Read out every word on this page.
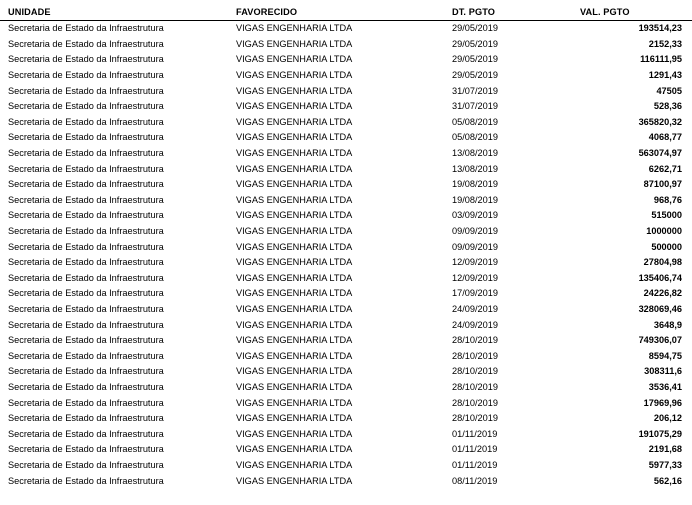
UNIDADE	FAVORECIDO	DT. PGTO	VAL. PGTO
Secretaria de Estado da Infraestrutura	VIGAS ENGENHARIA LTDA	29/05/2019	193514,23
Secretaria de Estado da Infraestrutura	VIGAS ENGENHARIA LTDA	29/05/2019	2152,33
Secretaria de Estado da Infraestrutura	VIGAS ENGENHARIA LTDA	29/05/2019	116111,95
Secretaria de Estado da Infraestrutura	VIGAS ENGENHARIA LTDA	29/05/2019	1291,43
Secretaria de Estado da Infraestrutura	VIGAS ENGENHARIA LTDA	31/07/2019	47505
Secretaria de Estado da Infraestrutura	VIGAS ENGENHARIA LTDA	31/07/2019	528,36
Secretaria de Estado da Infraestrutura	VIGAS ENGENHARIA LTDA	05/08/2019	365820,32
Secretaria de Estado da Infraestrutura	VIGAS ENGENHARIA LTDA	05/08/2019	4068,77
Secretaria de Estado da Infraestrutura	VIGAS ENGENHARIA LTDA	13/08/2019	563074,97
Secretaria de Estado da Infraestrutura	VIGAS ENGENHARIA LTDA	13/08/2019	6262,71
Secretaria de Estado da Infraestrutura	VIGAS ENGENHARIA LTDA	19/08/2019	87100,97
Secretaria de Estado da Infraestrutura	VIGAS ENGENHARIA LTDA	19/08/2019	968,76
Secretaria de Estado da Infraestrutura	VIGAS ENGENHARIA LTDA	03/09/2019	515000
Secretaria de Estado da Infraestrutura	VIGAS ENGENHARIA LTDA	09/09/2019	1000000
Secretaria de Estado da Infraestrutura	VIGAS ENGENHARIA LTDA	09/09/2019	500000
Secretaria de Estado da Infraestrutura	VIGAS ENGENHARIA LTDA	12/09/2019	27804,98
Secretaria de Estado da Infraestrutura	VIGAS ENGENHARIA LTDA	12/09/2019	135406,74
Secretaria de Estado da Infraestrutura	VIGAS ENGENHARIA LTDA	17/09/2019	24226,82
Secretaria de Estado da Infraestrutura	VIGAS ENGENHARIA LTDA	24/09/2019	328069,46
Secretaria de Estado da Infraestrutura	VIGAS ENGENHARIA LTDA	24/09/2019	3648,9
Secretaria de Estado da Infraestrutura	VIGAS ENGENHARIA LTDA	28/10/2019	749306,07
Secretaria de Estado da Infraestrutura	VIGAS ENGENHARIA LTDA	28/10/2019	8594,75
Secretaria de Estado da Infraestrutura	VIGAS ENGENHARIA LTDA	28/10/2019	308311,6
Secretaria de Estado da Infraestrutura	VIGAS ENGENHARIA LTDA	28/10/2019	3536,41
Secretaria de Estado da Infraestrutura	VIGAS ENGENHARIA LTDA	28/10/2019	17969,96
Secretaria de Estado da Infraestrutura	VIGAS ENGENHARIA LTDA	28/10/2019	206,12
Secretaria de Estado da Infraestrutura	VIGAS ENGENHARIA LTDA	01/11/2019	191075,29
Secretaria de Estado da Infraestrutura	VIGAS ENGENHARIA LTDA	01/11/2019	2191,68
Secretaria de Estado da Infraestrutura	VIGAS ENGENHARIA LTDA	01/11/2019	5977,33
Secretaria de Estado da Infraestrutura	VIGAS ENGENHARIA LTDA	08/11/2019	562,16
